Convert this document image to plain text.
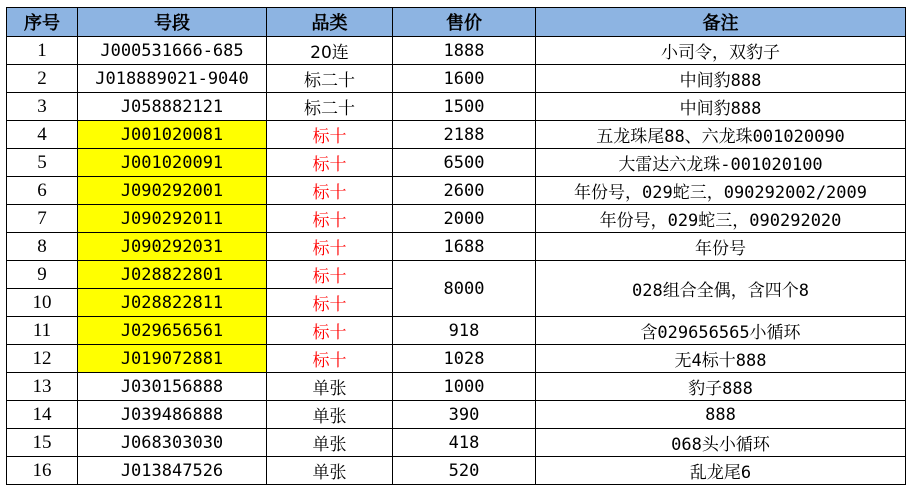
序号	号段	品类	售价	备注
1	J000531666-685	20连	1888	小司令，双豹子
2	J018889021-9040	标二十	1600	中间豹888
3	J058882121	标二十	1500	中间豹888
4	J001020081	标十	2188	五龙珠尾88、六龙珠001020090
5	J001020091	标十	6500	大雷达六龙珠-001020100
6	J090292001	标十	2600	年份号，029蛇三，090292002/2009
7	J090292011	标十	2000	年份号，029蛇三，090292020
8	J090292031	标十	1688	年份号
9	J028822801	标十	8000	028组合全偶，含四个8
10	J028822811	标十		
11	J029656561	标十	918	含029656565小循环
12	J019072881	标十	1028	无4标十888
13	J030156888	单张	1000	豹子888
14	J039486888	单张	390	888
15	J068303030	单张	418	068头小循环
16	J013847526	单张	520	乱龙尾6
